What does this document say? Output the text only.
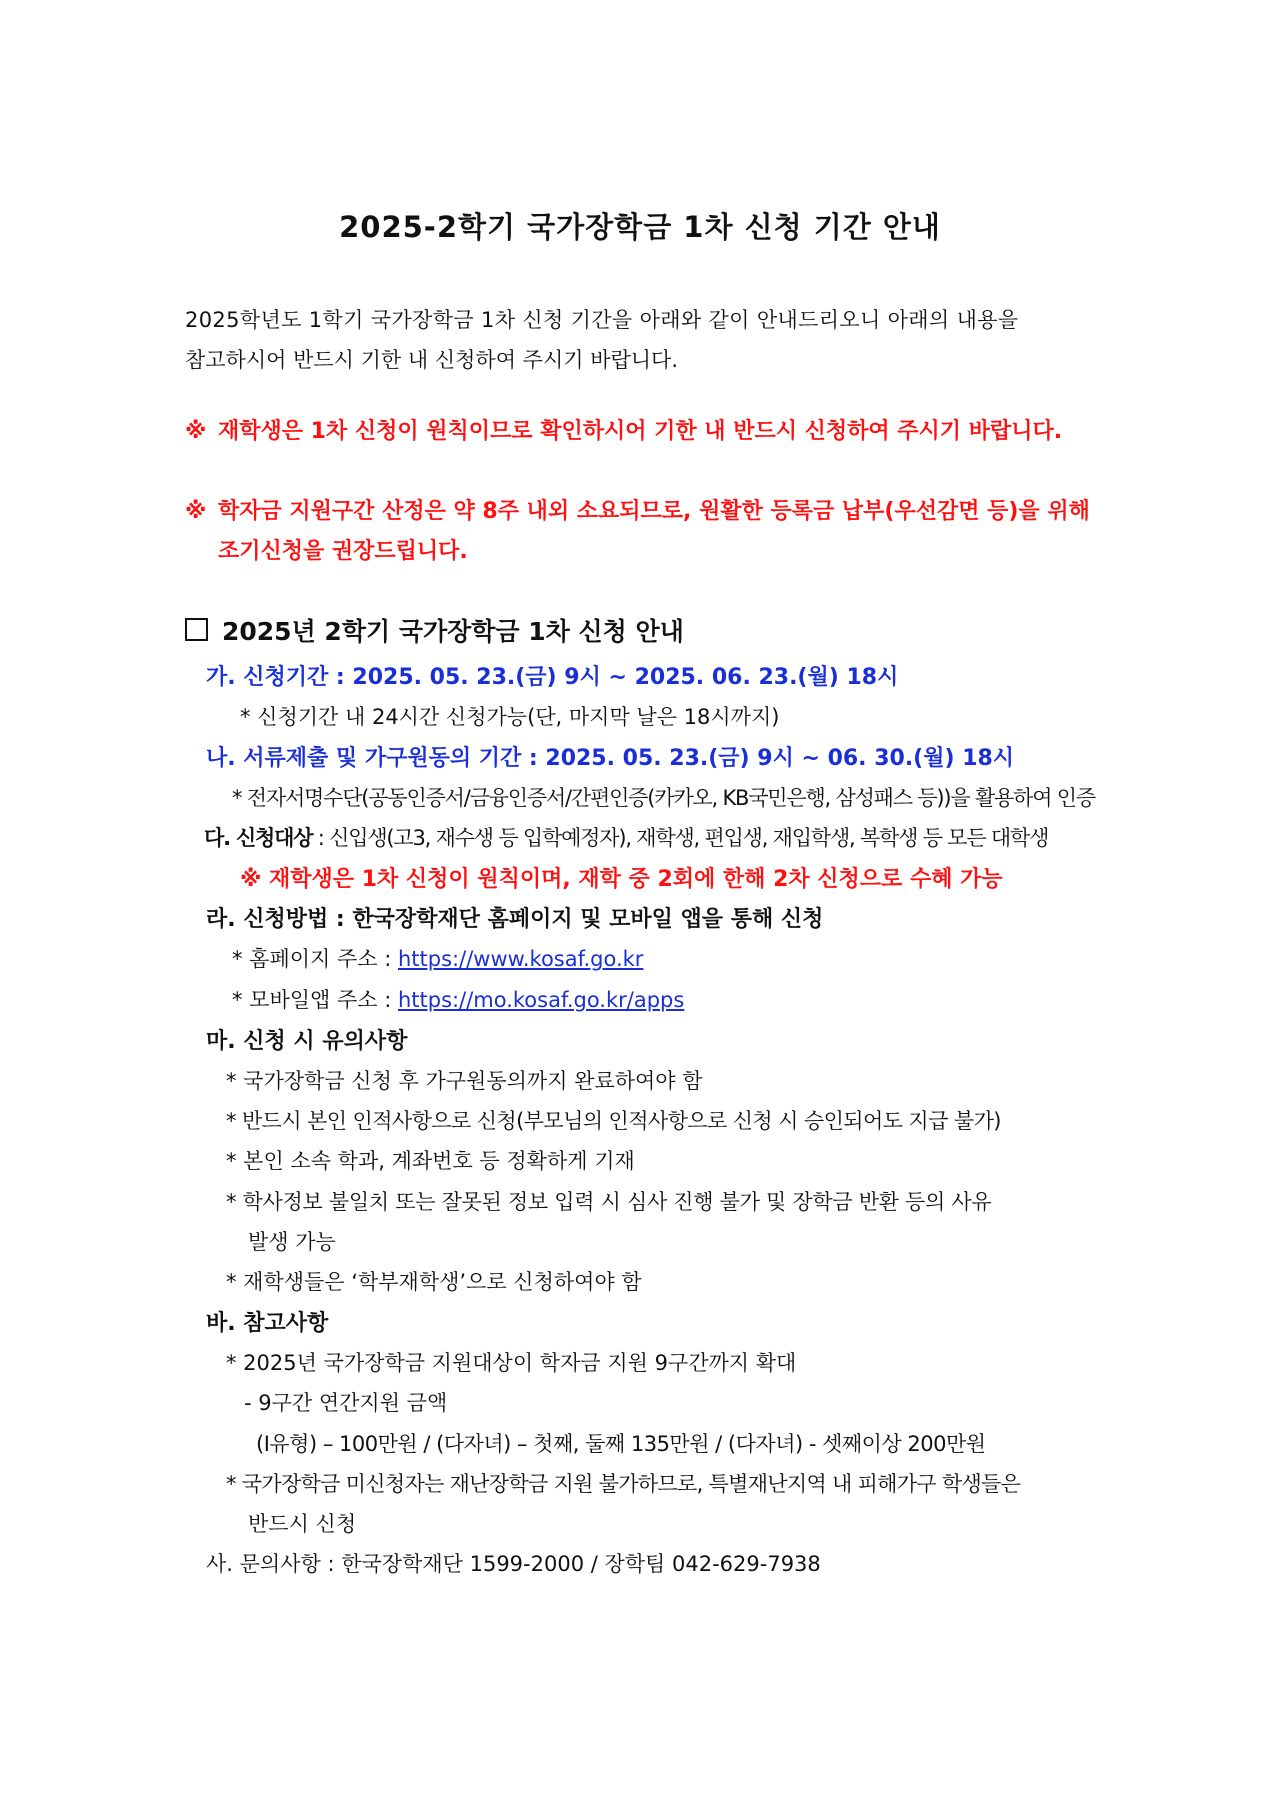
2025-2학기 국가장학금 1차 신청 기간 안내
2025학년도 1학기 국가장학금 1차 신청 기간을 아래와 같이 안내드리오니 아래의 내용을
참고하시어 반드시 기한 내 신청하여 주시기 바랍니다.
※ 재학생은 1차 신청이 원칙이므로 확인하시어 기한 내 반드시 신청하여 주시기 바랍니다.
※ 학자금 지원구간 산정은 약 8주 내외 소요되므로, 원활한 등록금 납부(우선감면 등)을 위해 조기신청을 권장드립니다.
2025년 2학기 국가장학금 1차 신청 안내
가. 신청기간 : 2025. 05. 23.(금) 9시 ~ 2025. 06. 23.(월) 18시
* 신청기간 내 24시간 신청가능(단, 마지막 날은 18시까지)
나. 서류제출 및 가구원동의 기간 : 2025. 05. 23.(금) 9시 ~ 06. 30.(월) 18시
* 전자서명수단(공동인증서/금융인증서/간편인증(카카오, KB국민은행, 삼성패스 등))을 활용하여 인증
다. 신청대상 : 신입생(고3, 재수생 등 입학예정자), 재학생, 편입생, 재입학생, 복학생 등 모든 대학생
※ 재학생은 1차 신청이 원칙이며, 재학 중 2회에 한해 2차 신청으로 수혜 가능
라. 신청방법 : 한국장학재단 홈페이지 및 모바일 앱을 통해 신청
* 홈페이지 주소 : https://www.kosaf.go.kr
* 모바일앱 주소 : https://mo.kosaf.go.kr/apps
마. 신청 시 유의사항
* 국가장학금 신청 후 가구원동의까지 완료하여야 함
* 반드시 본인 인적사항으로 신청(부모님의 인적사항으로 신청 시 승인되어도 지급 불가)
* 본인 소속 학과, 계좌번호 등 정확하게 기재
* 학사정보 불일치 또는 잘못된 정보 입력 시 심사 진행 불가 및 장학금 반환 등의 사유
발생 가능
* 재학생들은 ‘학부재학생’으로 신청하여야 함
바. 참고사항
* 2025년 국가장학금 지원대상이 학자금 지원 9구간까지 확대
- 9구간 연간지원 금액
(Ⅰ유형) – 100만원 / (다자녀) – 첫째, 둘째 135만원 / (다자녀) - 셋째이상 200만원
* 국가장학금 미신청자는 재난장학금 지원 불가하므로, 특별재난지역 내 피해가구 학생들은
반드시 신청
사. 문의사항 : 한국장학재단 1599-2000 / 장학팀 042-629-7938
